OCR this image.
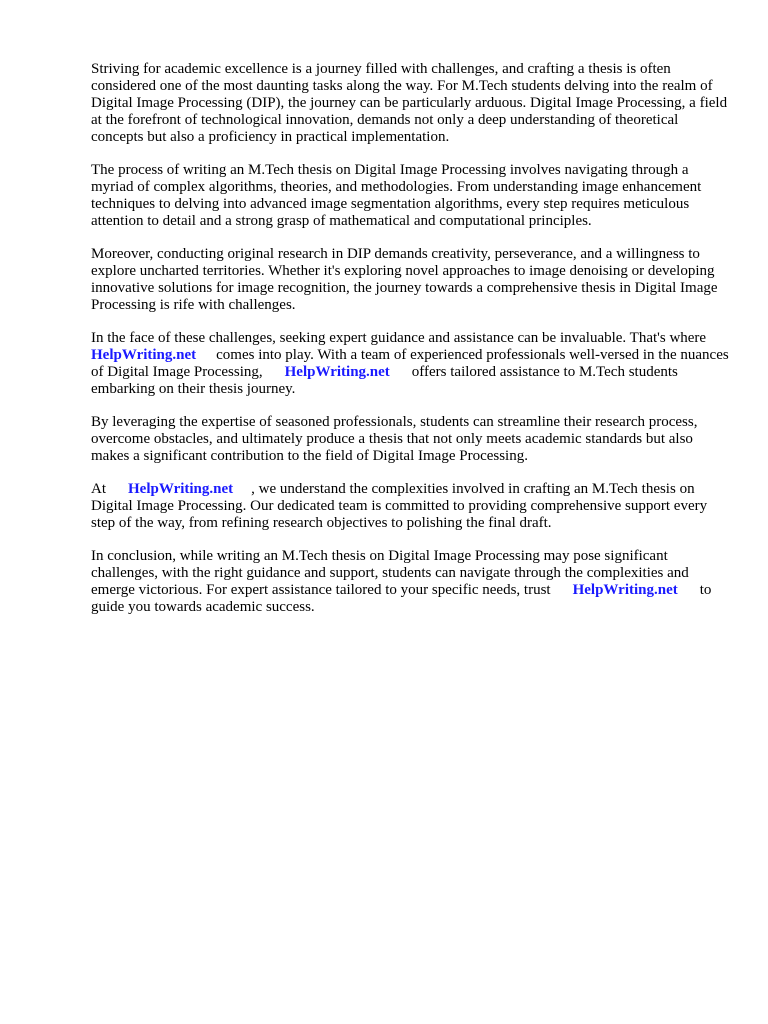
Striving for academic excellence is a journey filled with challenges, and crafting a thesis is often considered one of the most daunting tasks along the way. For M.Tech students delving into the realm of Digital Image Processing (DIP), the journey can be particularly arduous. Digital Image Processing, a field at the forefront of technological innovation, demands not only a deep understanding of theoretical concepts but also a proficiency in practical implementation.

The process of writing an M.Tech thesis on Digital Image Processing involves navigating through a myriad of complex algorithms, theories, and methodologies. From understanding image enhancement techniques to delving into advanced image segmentation algorithms, every step requires meticulous attention to detail and a strong grasp of mathematical and computational principles.

Moreover, conducting original research in DIP demands creativity, perseverance, and a willingness to explore uncharted territories. Whether it's exploring novel approaches to image denoising or developing innovative solutions for image recognition, the journey towards a comprehensive thesis in Digital Image Processing is rife with challenges.

In the face of these challenges, seeking expert guidance and assistance can be invaluable. That's whereHelpWriting.net comes into play. With a team of experienced professionals well-versed in the nuances of Digital Image Processing, HelpWriting.net offers tailored assistance to M.Tech students embarking on their thesis journey.

By leveraging the expertise of seasoned professionals, students can streamline their research process, overcome obstacles, and ultimately produce a thesis that not only meets academic standards but also makes a significant contribution to the field of Digital Image Processing.

At HelpWriting.net , we understand the complexities involved in crafting an M.Tech thesis on Digital Image Processing. Our dedicated team is committed to providing comprehensive support every step of the way, from refining research objectives to polishing the final draft.

In conclusion, while writing an M.Tech thesis on Digital Image Processing may pose significant challenges, with the right guidance and support, students can navigate through the complexities and emerge victorious. For expert assistance tailored to your specific needs, trust HelpWriting.net to guide you towards academic success.
